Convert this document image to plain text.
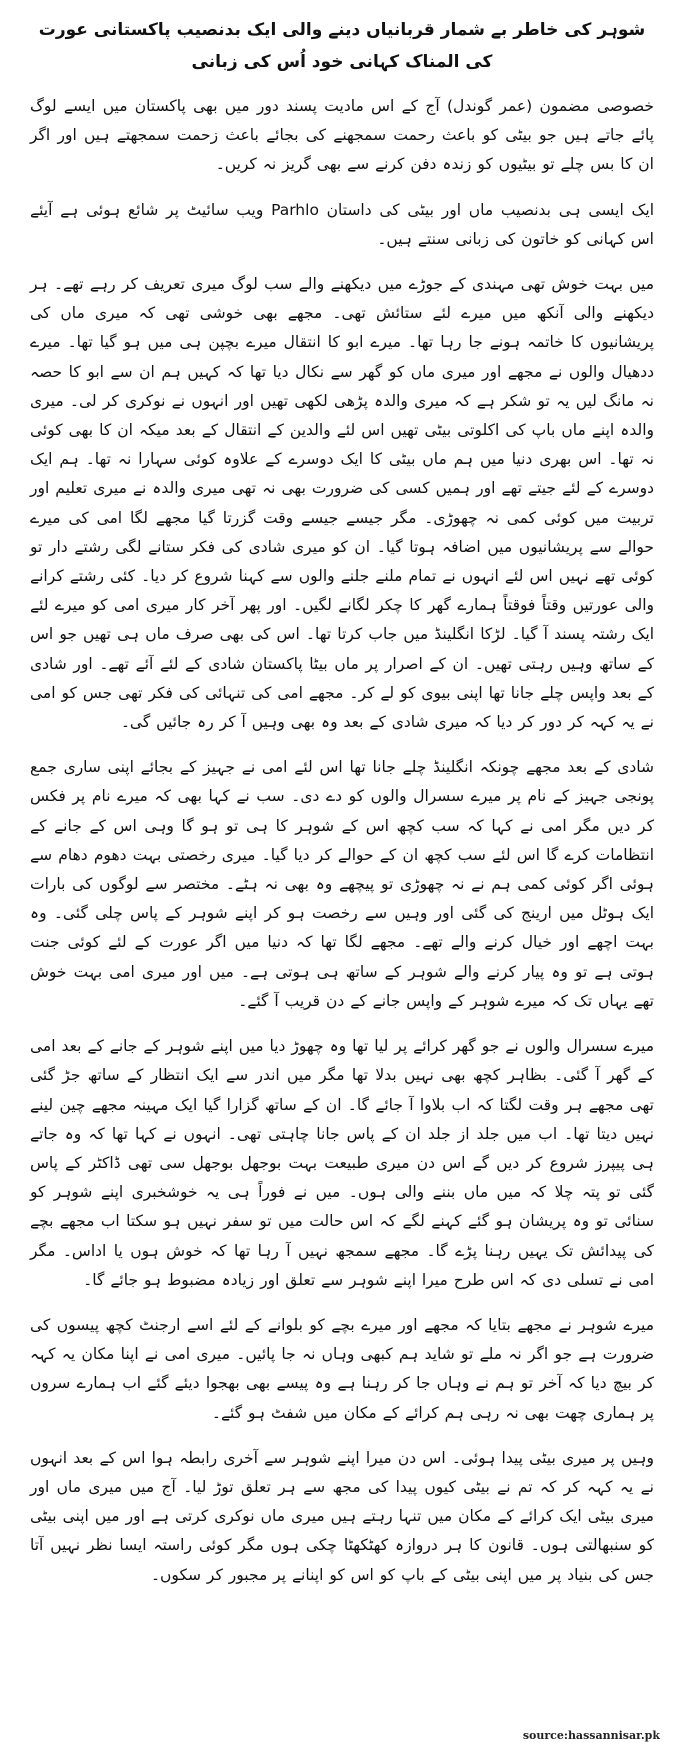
شوہر کی خاطر بے شمار قربانیاں دینے والی ایک بدنصیب پاکستانی عورت کی المناک کہانی خود اُس کی زبانی

خصوصی مضمون (عمر گوندل) آج کے اس مادیت پسند دور میں بھی پاکستان میں ایسے لوگ پائے جاتے ہیں جو بیٹی کو باعث رحمت سمجھنے کی بجائے باعث زحمت سمجھتے ہیں اور اگر ان کا بس چلے تو بیٹیوں کو زندہ دفن کرنے سے بھی گریز نہ کریں۔

ایک ایسی ہی بدنصیب ماں اور بیٹی کی داستان Parhlo ویب سائیٹ پر شائع ہوئی ہے آیئے اس کہانی کو خاتون کی زبانی سنتے ہیں۔

میں بہت خوش تھی مہندی کے جوڑے میں دیکھنے والے سب لوگ میری تعریف کر رہے تھے۔ ہر دیکھنے والی آنکھ میں میرے لئے ستائش تھی۔ مجھے بھی خوشی تھی کہ میری ماں کی پریشانیوں کا خاتمہ ہونے جا رہا تھا۔ میرے ابو کا انتقال میرے بچپن ہی میں ہو گیا تھا۔ میرے ددھیال والوں نے مجھے اور میری ماں کو گھر سے نکال دیا تھا کہ کہیں ہم ان سے ابو کا حصہ نہ مانگ لیں یہ تو شکر ہے کہ میری والدہ پڑھی لکھی تھیں اور انہوں نے نوکری کر لی۔ میری والدہ اپنے ماں باپ کی اکلوتی بیٹی تھیں اس لئے والدین کے انتقال کے بعد میکہ ان کا بھی کوئی نہ تھا۔ اس بھری دنیا میں ہم ماں بیٹی کا ایک دوسرے کے علاوہ کوئی سہارا نہ تھا۔ ہم ایک دوسرے کے لئے جیتے تھے اور ہمیں کسی کی ضرورت بھی نہ تھی میری والدہ نے میری تعلیم اور تربیت میں کوئی کمی نہ چھوڑی۔ مگر جیسے جیسے وقت گزرتا گیا مجھے لگا امی کی میرے حوالے سے پریشانیوں میں اضافہ ہوتا گیا۔ ان کو میری شادی کی فکر ستانے لگی رشتے دار تو کوئی تھے نہیں اس لئے انہوں نے تمام ملنے جلنے والوں سے کہنا شروع کر دیا۔ کئی رشتے کرانے والی عورتیں وقتاً فوقتاً ہمارے گھر کا چکر لگانے لگیں۔ اور پھر آخر کار میری امی کو میرے لئے ایک رشتہ پسند آ گیا۔ لڑکا انگلینڈ میں جاب کرتا تھا۔ اس کی بھی صرف ماں ہی تھیں جو اس کے ساتھ وہیں رہتی تھیں۔ ان کے اصرار پر ماں بیٹا پاکستان شادی کے لئے آئے تھے۔ اور شادی کے بعد واپس چلے جانا تھا اپنی بیوی کو لے کر۔ مجھے امی کی تنہائی کی فکر تھی جس کو امی نے یہ کہہ کر دور کر دیا کہ میری شادی کے بعد وہ بھی وہیں آ کر رہ جائیں گی۔

شادی کے بعد مجھے چونکہ انگلینڈ چلے جانا تھا اس لئے امی نے جہیز کے بجائے اپنی ساری جمع پونجی جہیز کے نام پر میرے سسرال والوں کو دے دی۔ سب نے کہا بھی کہ میرے نام پر فکس کر دیں مگر امی نے کہا کہ سب کچھ اس کے شوہر کا ہی تو ہو گا وہی اس کے جانے کے انتظامات کرے گا اس لئے سب کچھ ان کے حوالے کر دیا گیا۔ میری رخصتی بہت دھوم دھام سے ہوئی اگر کوئی کمی ہم نے نہ چھوڑی تو پیچھے وہ بھی نہ ہٹے۔ مختصر سے لوگوں کی بارات ایک ہوٹل میں ارینج کی گئی اور وہیں سے رخصت ہو کر اپنے شوہر کے پاس چلی گئی۔ وہ بہت اچھے اور خیال کرنے والے تھے۔ مجھے لگا تھا کہ دنیا میں اگر عورت کے لئے کوئی جنت ہوتی ہے تو وہ پیار کرنے والے شوہر کے ساتھ ہی ہوتی ہے۔ میں اور میری امی بہت خوش تھے یہاں تک کہ میرے شوہر کے واپس جانے کے دن قریب آ گئے۔

میرے سسرال والوں نے جو گھر کرائے پر لیا تھا وہ چھوڑ دیا میں اپنے شوہر کے جانے کے بعد امی کے گھر آ گئی۔ بظاہر کچھ بھی نہیں بدلا تھا مگر میں اندر سے ایک انتظار کے ساتھ جڑ گئی تھی مجھے ہر وقت لگتا کہ اب بلاوا آ جائے گا۔ ان کے ساتھ گزارا گیا ایک مہینہ مجھے چین لینے نہیں دیتا تھا۔ اب میں جلد از جلد ان کے پاس جانا چاہتی تھی۔ انہوں نے کہا تھا کہ وہ جاتے ہی پیپرز شروع کر دیں گے اس دن میری طبیعت بہت بوجھل بوجھل سی تھی ڈاکٹر کے پاس گئی تو پتہ چلا کہ میں ماں بننے والی ہوں۔ میں نے فوراً ہی یہ خوشخبری اپنے شوہر کو سنائی تو وہ پریشان ہو گئے کہنے لگے کہ اس حالت میں تو سفر نہیں ہو سکتا اب مجھے بچے کی پیدائش تک یہیں رہنا پڑے گا۔ مجھے سمجھ نہیں آ رہا تھا کہ خوش ہوں یا اداس۔ مگر امی نے تسلی دی کہ اس طرح میرا اپنے شوہر سے تعلق اور زیادہ مضبوط ہو جائے گا۔

میرے شوہر نے مجھے بتایا کہ مجھے اور میرے بچے کو بلوانے کے لئے اسے ارجنٹ کچھ پیسوں کی ضرورت ہے جو اگر نہ ملے تو شاید ہم کبھی وہاں نہ جا پائیں۔ میری امی نے اپنا مکان یہ کہہ کر بیچ دیا کہ آخر تو ہم نے وہاں جا کر رہنا ہے وہ پیسے بھی بھجوا دیئے گئے اب ہمارے سروں پر ہماری چھت بھی نہ رہی ہم کرائے کے مکان میں شفٹ ہو گئے۔

وہیں پر میری بیٹی پیدا ہوئی۔ اس دن میرا اپنے شوہر سے آخری رابطہ ہوا اس کے بعد انہوں نے یہ کہہ کر کہ تم نے بیٹی کیوں پیدا کی مجھ سے ہر تعلق توڑ لیا۔ آج میں میری ماں اور میری بیٹی ایک کرائے کے مکان میں تنہا رہتے ہیں میری ماں نوکری کرتی ہے اور میں اپنی بیٹی کو سنبھالتی ہوں۔ قانون کا ہر دروازہ کھٹکھٹا چکی ہوں مگر کوئی راستہ ایسا نظر نہیں آتا جس کی بنیاد پر میں اپنی بیٹی کے باپ کو اس کو اپنانے پر مجبور کر سکوں۔

source:hassannisar.pk
